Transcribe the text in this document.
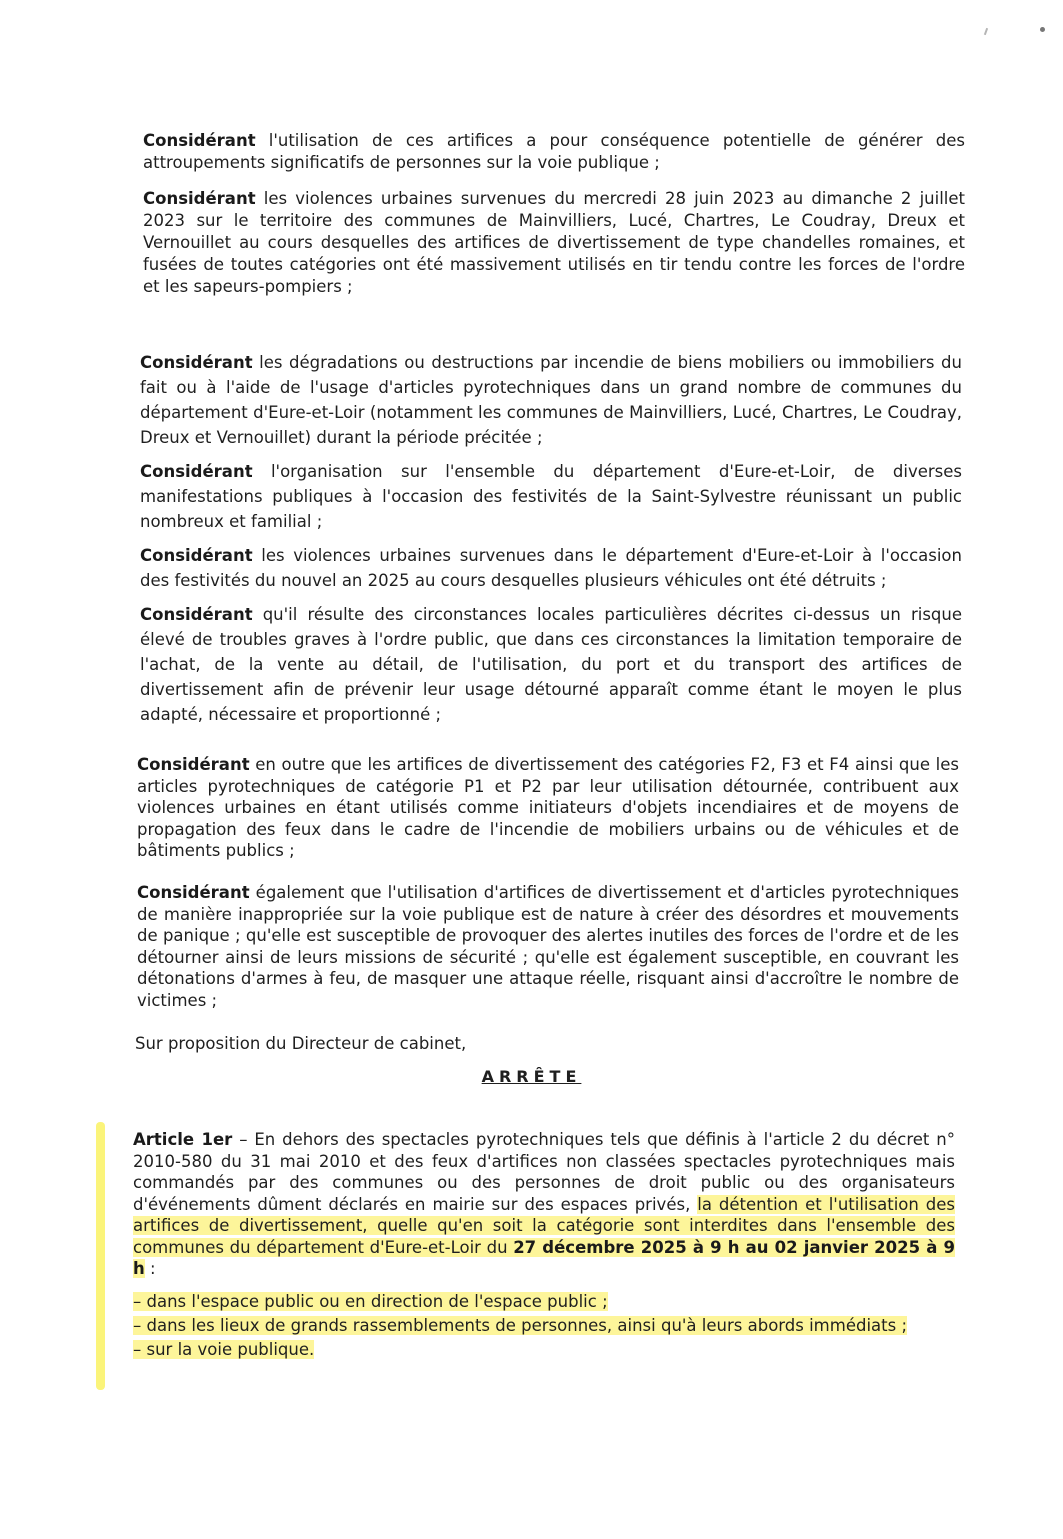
Considérant l'utilisation de ces artifices a pour conséquence potentielle de générer des attroupements significatifs de personnes sur la voie publique ;

Considérant les violences urbaines survenues du mercredi 28 juin 2023 au dimanche 2 juillet 2023 sur le territoire des communes de Mainvilliers, Lucé, Chartres, Le Coudray, Dreux et Vernouillet au cours desquelles des artifices de divertissement de type chandelles romaines, et fusées de toutes catégories ont été massivement utilisés en tir tendu contre les forces de l'ordre et les sapeurs-pompiers ;

Considérant les dégradations ou destructions par incendie de biens mobiliers ou immobiliers du fait ou à l'aide de l'usage d'articles pyrotechniques dans un grand nombre de communes du département d'Eure-et-Loir (notamment les communes de Mainvilliers, Lucé, Chartres, Le Coudray, Dreux et Vernouillet) durant la période précitée ;

Considérant l'organisation sur l'ensemble du département d'Eure-et-Loir, de diverses manifestations publiques à l'occasion des festivités de la Saint-Sylvestre réunissant un public nombreux et familial ;

Considérant les violences urbaines survenues dans le département d'Eure-et-Loir à l'occasion des festivités du nouvel an 2025 au cours desquelles plusieurs véhicules ont été détruits ;

Considérant qu'il résulte des circonstances locales particulières décrites ci-dessus un risque élevé de troubles graves à l'ordre public, que dans ces circonstances la limitation temporaire de l'achat, de la vente au détail, de l'utilisation, du port et du transport des artifices de divertissement afin de prévenir leur usage détourné apparaît comme étant le moyen le plus adapté, nécessaire et proportionné ;

Considérant en outre que les artifices de divertissement des catégories F2, F3 et F4 ainsi que les articles pyrotechniques de catégorie P1 et P2 par leur utilisation détournée, contribuent aux violences urbaines en étant utilisés comme initiateurs d'objets incendiaires et de moyens de propagation des feux dans le cadre de l'incendie de mobiliers urbains ou de véhicules et de bâtiments publics ;

Considérant également que l'utilisation d'artifices de divertissement et d'articles pyrotechniques de manière inappropriée sur la voie publique est de nature à créer des désordres et mouvements de panique ; qu'elle est susceptible de provoquer des alertes inutiles des forces de l'ordre et de les détourner ainsi de leurs missions de sécurité ; qu'elle est également susceptible, en couvrant les détonations d'armes à feu, de masquer une attaque réelle, risquant ainsi d'accroître le nombre de victimes ;

Sur proposition du Directeur de cabinet,

ARRÊTE

Article 1er – En dehors des spectacles pyrotechniques tels que définis à l'article 2 du décret n° 2010-580 du 31 mai 2010 et des feux d'artifices non classées spectacles pyrotechniques mais commandés par des communes ou des personnes de droit public ou des organisateurs d'événements dûment déclarés en mairie sur des espaces privés, la détention et l'utilisation des artifices de divertissement, quelle qu'en soit la catégorie sont interdites dans l'ensemble des communes du département d'Eure-et-Loir du 27 décembre 2025 à 9 h au 02 janvier 2025 à 9 h :

– dans l'espace public ou en direction de l'espace public ;
– dans les lieux de grands rassemblements de personnes, ainsi qu'à leurs abords immédiats ;
– sur la voie publique.
